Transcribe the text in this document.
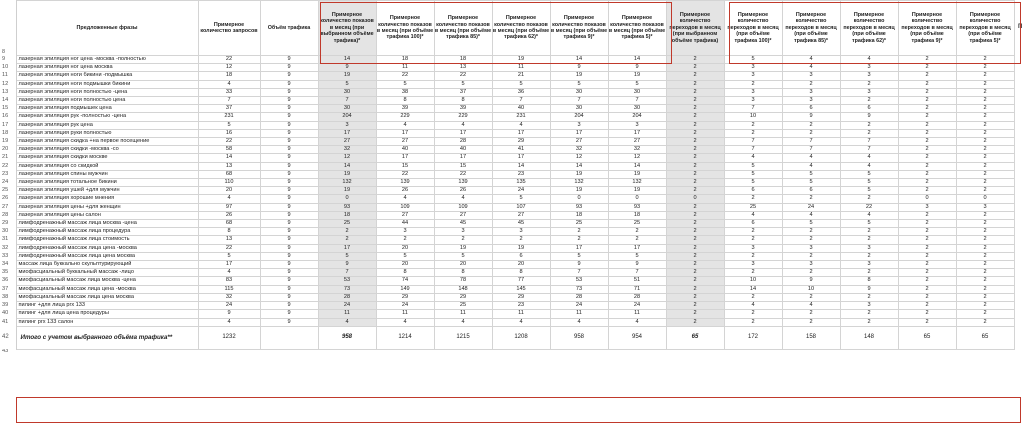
8	Предложенные фразы	Примерное количество запросов	Объём трафика	Примерное количество показов в месяц (при выбранном объёме трафика)*	Примерное количество показов в месяц (при объёме трафика 100)*	Примерное количество показов в месяц (при объёме трафика 85)*	Примерное количество показов в месяц (при объёме трафика 62)*	Примерное количество показов в месяц (при объёме трафика 9)*	Примерное количество показов в месяц (при объёме трафика 5)*	Примерное количество переходов в месяц (при выбранном объёме трафика)	Примерное количество переходов в месяц (при объёме трафика 100)*	Примерное количество переходов в месяц (при объёме трафика 85)*	Примерное количество переходов в месяц (при объёме трафика 62)*	Примерное количество переходов в месяц (при объёме трафика 9)*	Примерное количество переходов в месяц (при объёме трафика 5)*
9	лазерная эпиляция ног цена -москва -полностью	22	9	14	18	18	19	14	14	2	5	4	4	2	2
10	лазерная эпиляция ног цена москва	12	9	9	11	13	11	9	9	2	3	4	3	2	2
11	лазерная эпиляция ноги бикини -подмышка	18	9	19	22	22	21	19	19	2	3	3	3	2	2
12	лазерная эпиляция ноги подмышки бикини	4	9	5	5	5	5	5	5	2	2	2	2	2	2
13	лазерная эпиляция ноги полностью -цена	33	9	30	38	37	36	30	30	2	3	3	3	2	2
14	лазерная эпиляция ноги полностью цена	7	9	7	8	8	7	7	7	2	3	3	2	2	2
15	лазерная эпиляция подмышек цена	37	9	30	39	39	40	30	30	2	7	6	6	2	2
16	лазерная эпиляция рук -полностью -цена	231	9	204	229	229	231	204	204	2	10	9	9	2	2
17	лазерная эпиляция рук цена	5	9	3	4	4	4	3	3	2	2	2	2	2	2
18	лазерная эпиляция руки полностью	16	9	17	17	17	17	17	17	2	2	2	2	2	2
19	лазерная эпиляция скидка +на первое посещение	22	9	27	27	28	29	27	27	2	7	7	7	2	2
20	лазерная эпиляция скидки -москва -со	58	9	32	40	40	41	32	32	2	7	7	7	2	2
21	лазерная эпиляция скидки москве	14	9	12	17	17	17	12	12	2	4	4	4	2	2
22	лазерная эпиляция со скидкой	13	9	14	15	15	14	14	14	2	5	4	4	2	2
23	лазерная эпиляция спины мужчин	68	9	19	22	22	23	19	19	2	5	5	5	2	2
24	лазерная эпиляция тотальное бикини	110	9	132	139	139	135	132	132	2	5	5	5	2	2
25	лазерная эпиляция ушей +для мужчин	20	9	19	26	26	24	19	19	2	6	6	5	2	2
26	лазерная эпиляция хорошие мнения	4	9	0	4	4	5	0	0	0	2	2	2	0	0
27	лазерная эпиляция цены +для женщин	97	9	93	109	109	107	93	93	2	25	24	22	3	3
28	лазерная эпиляция цены салон	26	9	18	27	27	27	18	18	2	4	4	4	2	2
29	лимфодренажный массаж лица москва -цена	68	9	25	44	45	45	25	25	2	6	5	5	2	2
30	лимфодренажный массаж лица процедура	8	9	2	3	3	3	2	2	2	2	2	2	2	2
31	лимфодренажный массаж лица стоимость	13	9	2	2	2	2	2	2	2	2	2	2	2	2
32	лимфодренажный массаж лица цена -москва	22	9	17	20	19	19	17	17	2	3	3	3	2	2
33	лимфодренажный массаж лица цена москва	5	9	5	5	5	6	5	5	2	2	2	2	2	2
34	массаж лица буккально скульптурирующий	17	9	9	20	20	20	9	9	2	3	3	3	2	2
35	миофасциальный буккальный массаж -лицо	4	9	7	8	8	8	7	7	2	2	2	2	2	2
36	миофасциальный массаж лица москва -цена	83	9	53	74	78	77	53	51	2	10	9	8	2	2
37	миофасциальный массаж лица цена -москва	115	9	73	149	148	145	73	71	2	14	10	9	2	2
38	миофасциальный массаж лица цена москва	32	9	28	29	29	29	28	28	2	2	2	2	2	2
39	пилинг +для лица prx 133	24	9	24	24	25	23	24	24	2	4	4	3	2	2
40	пилинг +для лица цена процедуры	9	9	11	11	11	11	11	11	2	2	2	2	2	2
41	пилинг prx 133 салон	4	9	4	4	4	4	4	4	2	2	2	2	2	2
42	Итого с учетом выбранного объёма трафика**	1232		958	1214	1215	1208	958	954	65	172	158	148	65	65
43															
П
